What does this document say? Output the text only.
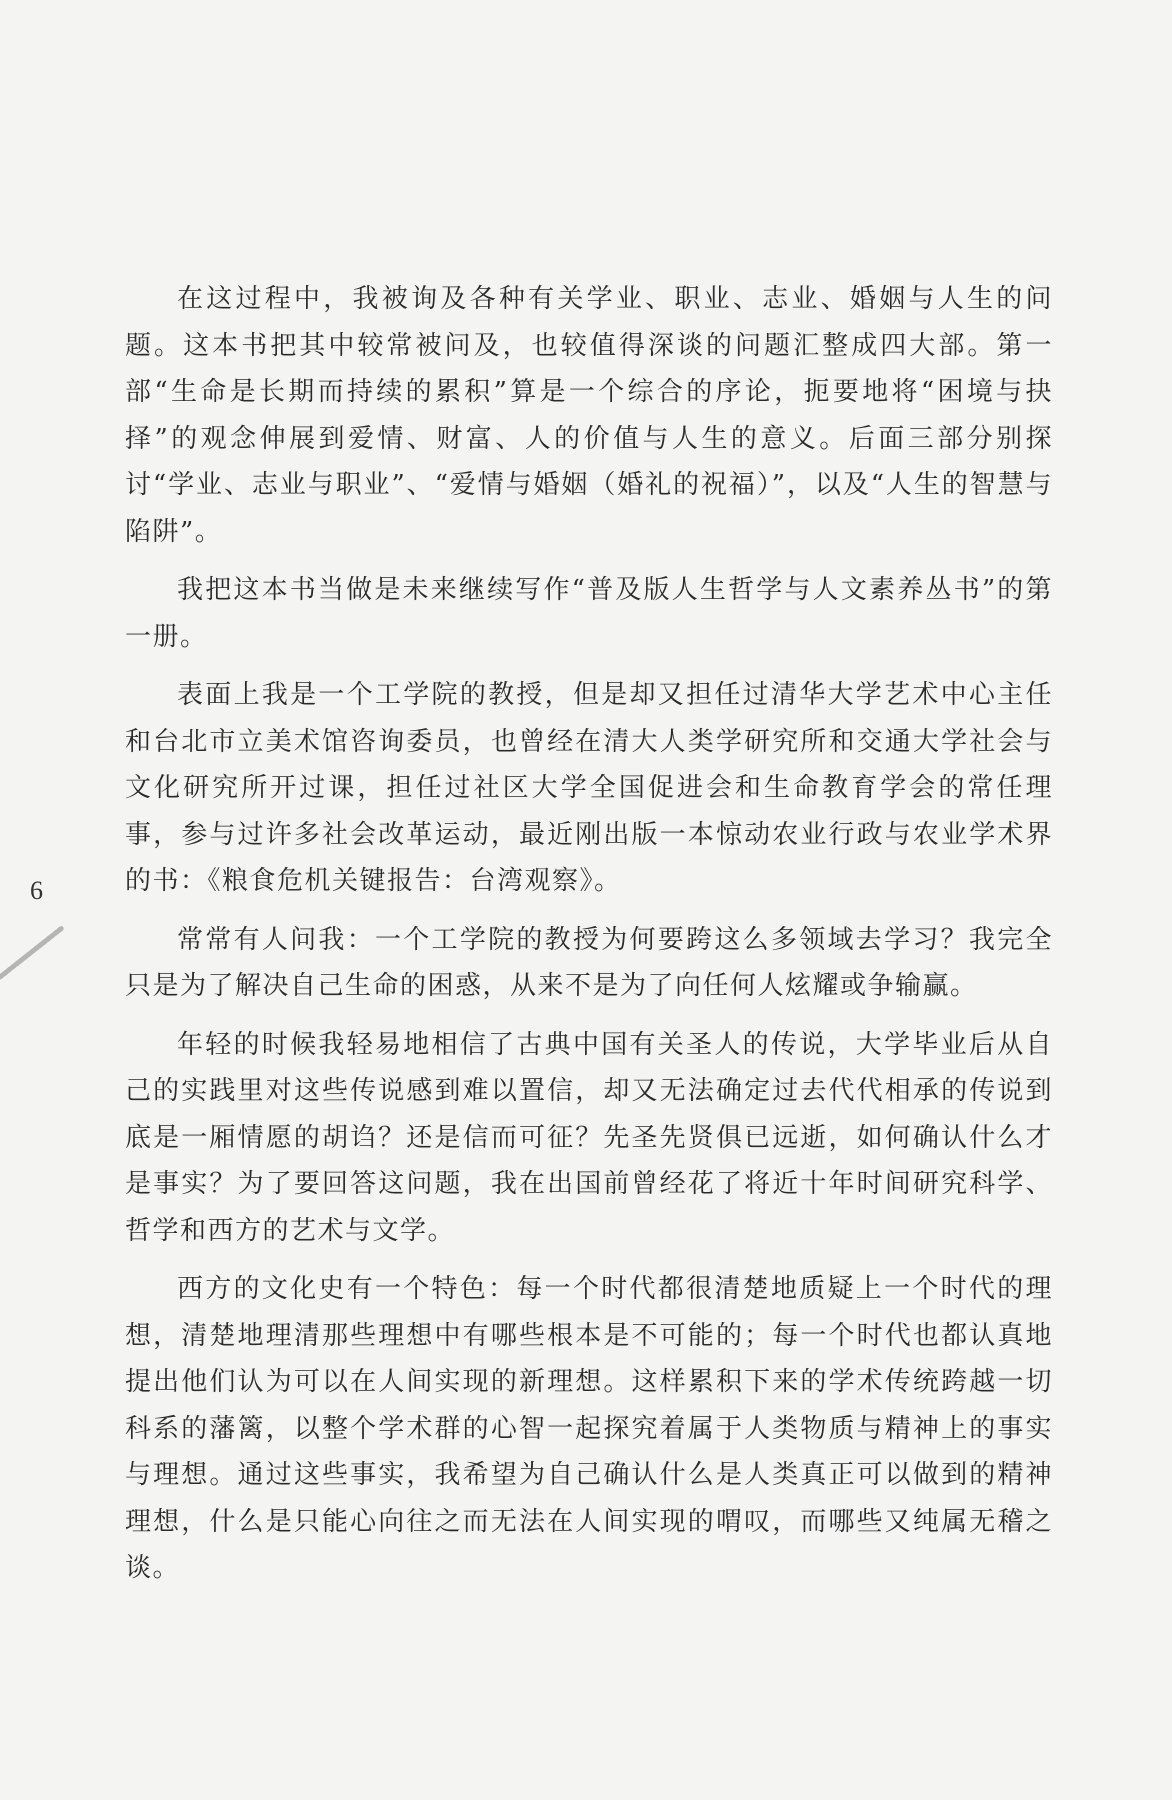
6

在这过程中，我被询及各种有关学业、职业、志业、婚姻与人生的问题。这本书把其中较常被问及，也较值得深谈的问题汇整成四大部。第一部“生命是长期而持续的累积”算是一个综合的序论，扼要地将“困境与抉择”的观念伸展到爱情、财富、人的价值与人生的意义。后面三部分别探讨“学业、志业与职业”、“爱情与婚姻（婚礼的祝福）”，以及“人生的智慧与陷阱”。

我把这本书当做是未来继续写作“普及版人生哲学与人文素养丛书”的第一册。

表面上我是一个工学院的教授，但是却又担任过清华大学艺术中心主任和台北市立美术馆咨询委员，也曾经在清大人类学研究所和交通大学社会与文化研究所开过课，担任过社区大学全国促进会和生命教育学会的常任理事，参与过许多社会改革运动，最近刚出版一本惊动农业行政与农业学术界的书：《粮食危机关键报告：台湾观察》。

常常有人问我：一个工学院的教授为何要跨这么多领域去学习？我完全只是为了解决自己生命的困惑，从来不是为了向任何人炫耀或争输赢。

年轻的时候我轻易地相信了古典中国有关圣人的传说，大学毕业后从自己的实践里对这些传说感到难以置信，却又无法确定过去代代相承的传说到底是一厢情愿的胡诌？还是信而可征？先圣先贤俱已远逝，如何确认什么才是事实？为了要回答这问题，我在出国前曾经花了将近十年时间研究科学、哲学和西方的艺术与文学。

西方的文化史有一个特色：每一个时代都很清楚地质疑上一个时代的理想，清楚地理清那些理想中有哪些根本是不可能的；每一个时代也都认真地提出他们认为可以在人间实现的新理想。这样累积下来的学术传统跨越一切科系的藩篱，以整个学术群的心智一起探究着属于人类物质与精神上的事实与理想。通过这些事实，我希望为自己确认什么是人类真正可以做到的精神理想，什么是只能心向往之而无法在人间实现的喟叹，而哪些又纯属无稽之谈。
